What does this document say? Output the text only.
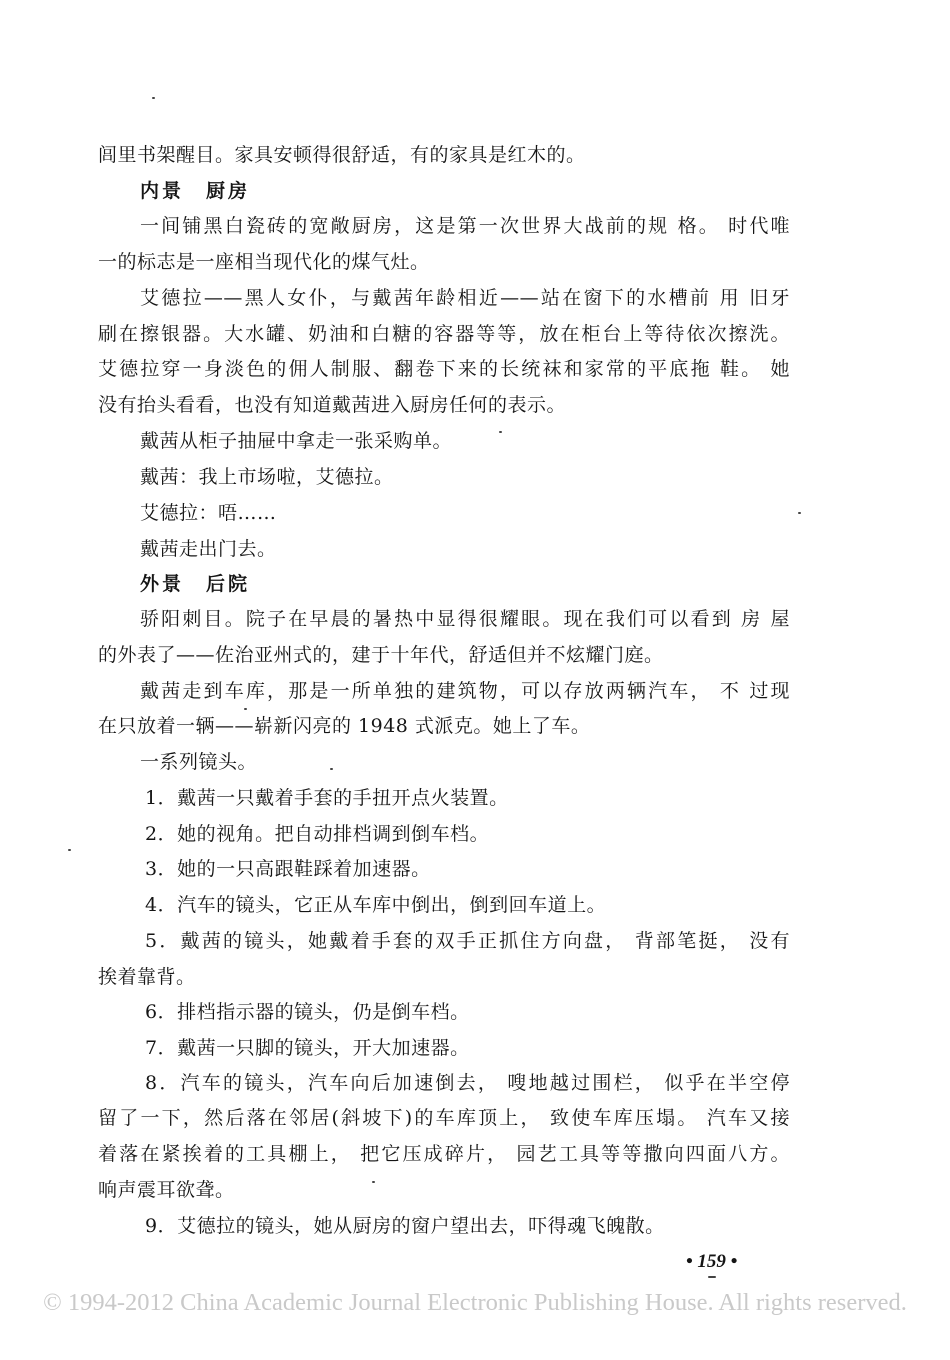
闾里书架醒目。家具安顿得很舒适，有的家具是红木的。
内景　厨房
一间铺黑白瓷砖的宽敞厨房，这是第一次世界大战前的规 格。 时代唯
一的标志是一座相当现代化的煤气灶。
艾德拉——黑人女仆，与戴茜年龄相近——站在窗下的水槽前 用 旧牙
刷在擦银器。大水罐、奶油和白糖的容器等等，放在柜台上等待依次擦洗。
艾德拉穿一身淡色的佣人制服、翻卷下来的长统袜和家常的平底拖 鞋。 她
没有抬头看看，也没有知道戴茜进入厨房任何的表示。
戴茜从柜子抽屉中拿走一张采购单。
戴茜：我上市场啦，艾德拉。
艾德拉：唔……
戴茜走出门去。
外景　后院
骄阳刺目。院子在早晨的暑热中显得很耀眼。现在我们可以看到 房 屋
的外表了——佐治亚州式的，建于十年代，舒适但并不炫耀门庭。
戴茜走到车库，那是一所单独的建筑物，可以存放两辆汽车， 不 过现
在只放着一辆——崭新闪亮的 1948 式派克。她上了车。
一系列镜头。
1．戴茜一只戴着手套的手扭开点火装置。
2．她的视角。把自动排档调到倒车档。
3．她的一只高跟鞋踩着加速器。
4．汽车的镜头，它正从车库中倒出，倒到回车道上。
5．戴茜的镜头，她戴着手套的双手正抓住方向盘， 背部笔挺， 没有
挨着靠背。
6．排档指示器的镜头，仍是倒车档。
7．戴茜一只脚的镜头，开大加速器。
8．汽车的镜头，汽车向后加速倒去， 嗖地越过围栏， 似乎在半空停
留了一下，然后落在邻居(斜坡下)的车库顶上， 致使车库压塌。 汽车又接
着落在紧挨着的工具棚上， 把它压成碎片， 园艺工具等等撒向四面八方。
响声震耳欲聋。
9．艾德拉的镜头，她从厨房的窗户望出去，吓得魂飞魄散。
• 159 •
© 1994-2012 China Academic Journal Electronic Publishing House. All rights reserved.
